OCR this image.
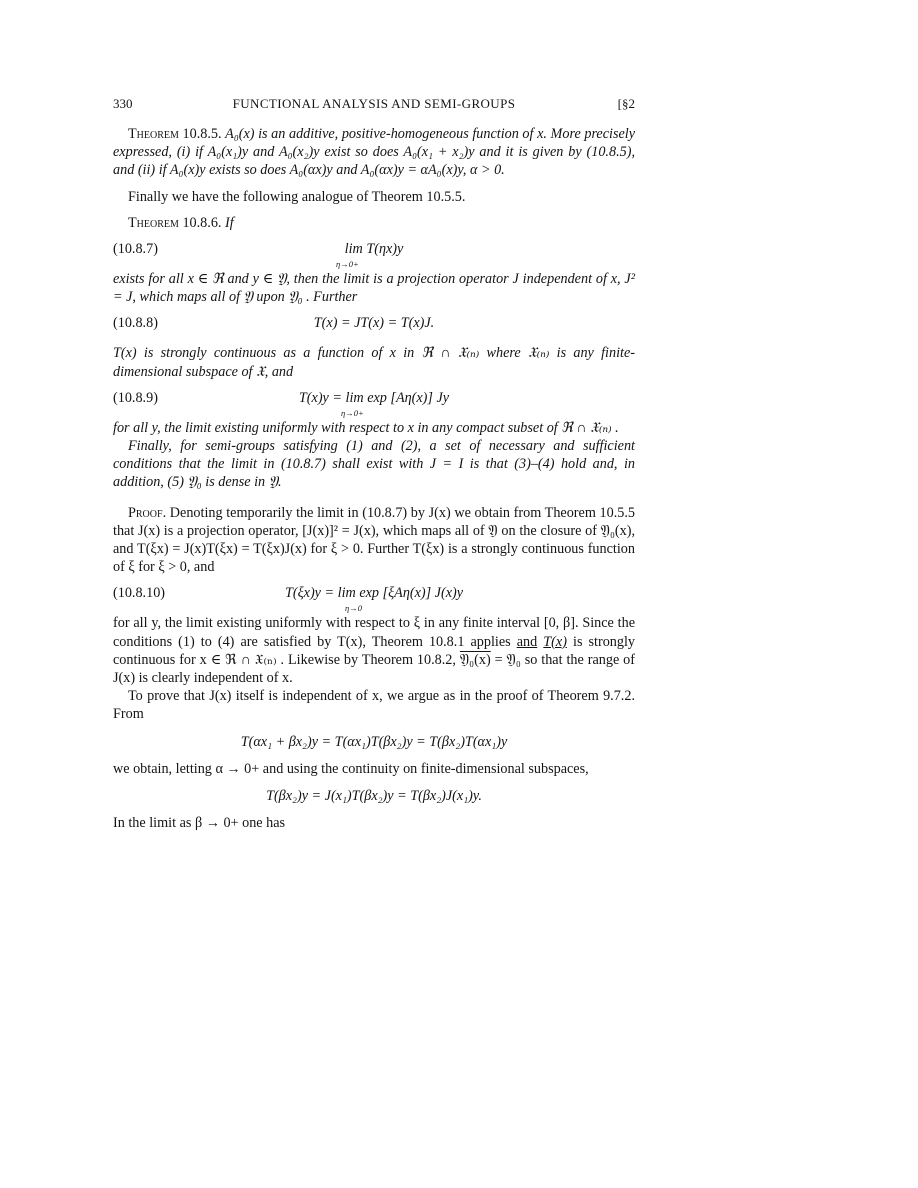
330	FUNCTIONAL ANALYSIS AND SEMI-GROUPS	[§2

Theorem 10.8.5. A₀(x) is an additive, positive-homogeneous function of x. More precisely expressed, (i) if A₀(x₁)y and A₀(x₂)y exist so does A₀(x₁ + x₂)y and it is given by (10.8.5), and (ii) if A₀(x)y exists so does A₀(αx)y and A₀(αx)y = αA₀(x)y, α > 0.

Finally we have the following analogue of Theorem 10.5.5.

Theorem 10.8.6. If

(10.8.7)	lim T(ηx)y
η→0+

exists for all x ∈ ℜ and y ∈ 𝔜, then the limit is a projection operator J independent of x, J² = J, which maps all of 𝔜 upon 𝔜₀ . Further

(10.8.8)	T(x) = JT(x) = T(x)J.

T(x) is strongly continuous as a function of x in ℜ ∩ 𝔛₍ₙ₎ where 𝔛₍ₙ₎ is any finite-dimensional subspace of 𝔛, and

(10.8.9)	T(x)y = lim exp [Aη(x)] Jy
η→0+

for all y, the limit existing uniformly with respect to x in any compact subset of ℜ ∩ 𝔛₍ₙ₎ .

Finally, for semi-groups satisfying (1) and (2), a set of necessary and sufficient conditions that the limit in (10.8.7) shall exist with J = I is that (3)–(4) hold and, in addition, (5) 𝔜₀ is dense in 𝔜.

Proof. Denoting temporarily the limit in (10.8.7) by J(x) we obtain from Theorem 10.5.5 that J(x) is a projection operator, [J(x)]² = J(x), which maps all of 𝔜 on the closure of 𝔜₀(x), and T(ξx) = J(x)T(ξx) = T(ξx)J(x) for ξ > 0. Further T(ξx) is a strongly continuous function of ξ for ξ > 0, and

(10.8.10)	T(ξx)y = lim exp [ξAη(x)] J(x)y
η→0

for all y, the limit existing uniformly with respect to ξ in any finite interval [0, β]. Since the conditions (1) to (4) are satisfied by T(x), Theorem 10.8.1 applies and T(x) is strongly continuous for x ∈ ℜ ∩ 𝔛₍ₙ₎ . Likewise by Theorem 10.8.2, 𝔜₀(x) = 𝔜₀ so that the range of J(x) is clearly independent of x.

To prove that J(x) itself is independent of x, we argue as in the proof of Theorem 9.7.2. From

T(αx₁ + βx₂)y = T(αx₁)T(βx₂)y = T(βx₂)T(αx₁)y

we obtain, letting α → 0+ and using the continuity on finite-dimensional subspaces,

T(βx₂)y = J(x₁)T(βx₂)y = T(βx₂)J(x₁)y.

In the limit as β → 0+ one has
